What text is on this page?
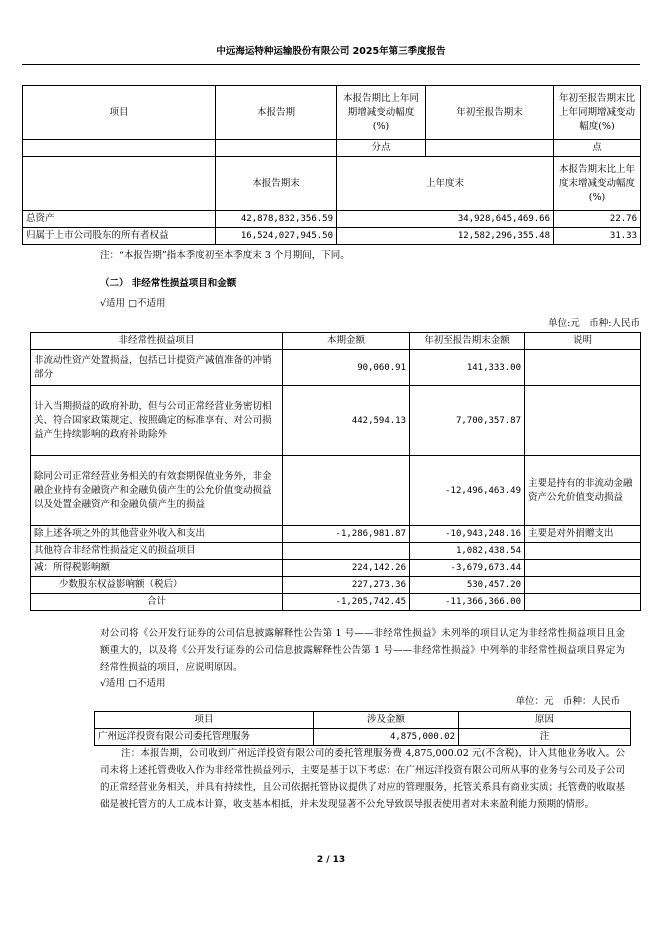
中远海运特种运输股份有限公司 2025年第三季度报告
项目	本报告期	本报告期比上年同期增减变动幅度(%)	年初至报告期末	年初至报告期末比上年同期增减变动幅度(%)
		分点		点
	本报告期末	上年度末		本报告期末比上年度末增减变动幅度(%)
总资产	42,878,832,356.59	34,928,645,469.66		22.76
归属于上市公司股东的所有者权益	16,524,027,945.50	12,582,296,355.48		31.33
注：“本报告期”指本季度初至本季度末 3 个月期间，下同。
（二） 非经常性损益项目和金额
√适用 □不适用
单位:元　币种:人民币
非经常性损益项目	本期金额	年初至报告期末金额	说明
非流动性资产处置损益，包括已计提资产减值准备的冲销部分	90,060.91	141,333.00	
计入当期损益的政府补助，但与公司正常经营业务密切相关、符合国家政策规定、按照确定的标准享有、对公司损益产生持续影响的政府补助除外	442,594.13	7,700,357.87	
除同公司正常经营业务相关的有效套期保值业务外，非金融企业持有金融资产和金融负债产生的公允价值变动损益以及处置金融资产和金融负债产生的损益		-12,496,463.49	主要是持有的非流动金融资产公允价值变动损益
除上述各项之外的其他营业外收入和支出	-1,286,981.87	-10,943,248.16	主要是对外捐赠支出
其他符合非经常性损益定义的损益项目		1,082,438.54	
减：所得税影响额	224,142.26	-3,679,673.44	
少数股东权益影响额（税后）	227,273.36	530,457.20	
合计	-1,205,742.45	-11,366,366.00	
对公司将《公开发行证券的公司信息披露解释性公告第 1 号——非经常性损益》未列举的项目认定为非经常性损益项目且金额重大的，以及将《公开发行证券的公司信息披露解释性公告第 1 号——非经常性损益》中列举的非经常性损益项目界定为经常性损益的项目，应说明原因。
√适用 □不适用
单位：元　币种：人民币
项目	涉及金额	原因
广州远洋投资有限公司委托管理服务	4,875,000.02	注
注：本报告期，公司收到广州远洋投资有限公司的委托管理服务费 4,875,000.02 元(不含税)，计入其他业务收入。公司未将上述托管费收入作为非经常性损益列示，主要是基于以下考虑：在广州远洋投资有限公司所从事的业务与公司及子公司的正常经营业务相关，并具有持续性，且公司依据托管协议提供了对应的管理服务，托管关系具有商业实质；托管费的收取基础是被托管方的人工成本计算，收支基本相抵，并未发现显著不公允导致误导报表使用者对未来盈利能力预期的情形。
2 / 13
